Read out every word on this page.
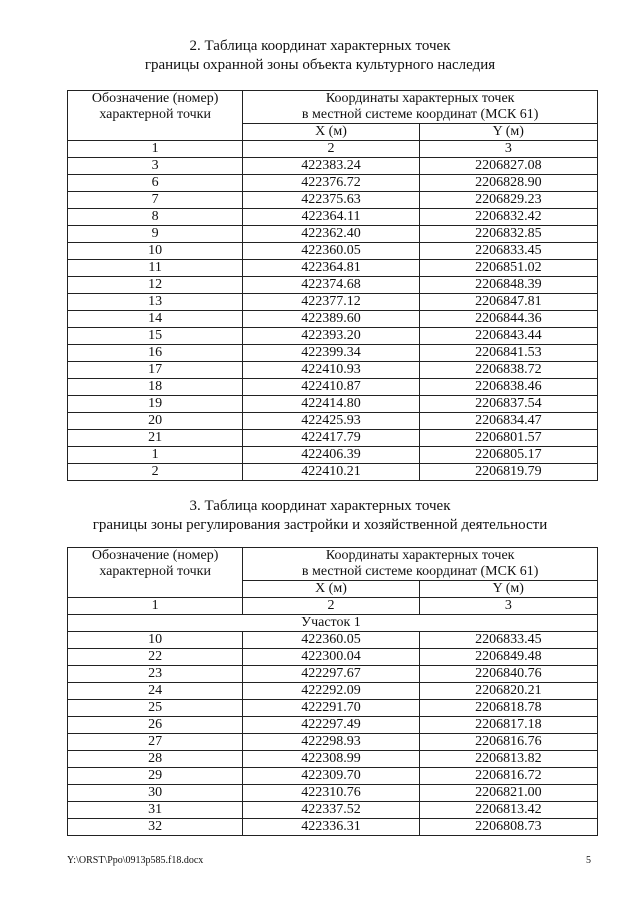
2. Таблица координат характерных точек
границы охранной зоны объекта культурного наследия
Обозначение (номер) характерной точки	Координаты характерных точек
в местной системе координат (МСК 61)	

	X (м)	Y (м)
1	2	3
3	422383.24	2206827.08
6	422376.72	2206828.90
7	422375.63	2206829.23
8	422364.11	2206832.42
9	422362.40	2206832.85
10	422360.05	2206833.45
11	422364.81	2206851.02
12	422374.68	2206848.39
13	422377.12	2206847.81
14	422389.60	2206844.36
15	422393.20	2206843.44
16	422399.34	2206841.53
17	422410.93	2206838.72
18	422410.87	2206838.46
19	422414.80	2206837.54
20	422425.93	2206834.47
21	422417.79	2206801.57
1	422406.39	2206805.17
2	422410.21	2206819.79
3. Таблица координат характерных точек
границы зоны регулирования застройки и хозяйственной деятельности
Обозначение (номер) характерной точки	Координаты характерных точек
в местной системе координат (МСК 61)	

	X (м)	Y (м)
1	2	3
	Участок 1	
10	422360.05	2206833.45
22	422300.04	2206849.48
23	422297.67	2206840.76
24	422292.09	2206820.21
25	422291.70	2206818.78
26	422297.49	2206817.18
27	422298.93	2206816.76
28	422308.99	2206813.82
29	422309.70	2206816.72
30	422310.76	2206821.00
31	422337.52	2206813.42
32	422336.31	2206808.73
Y:\ORST\Рро\0913p585.f18.docx	5
